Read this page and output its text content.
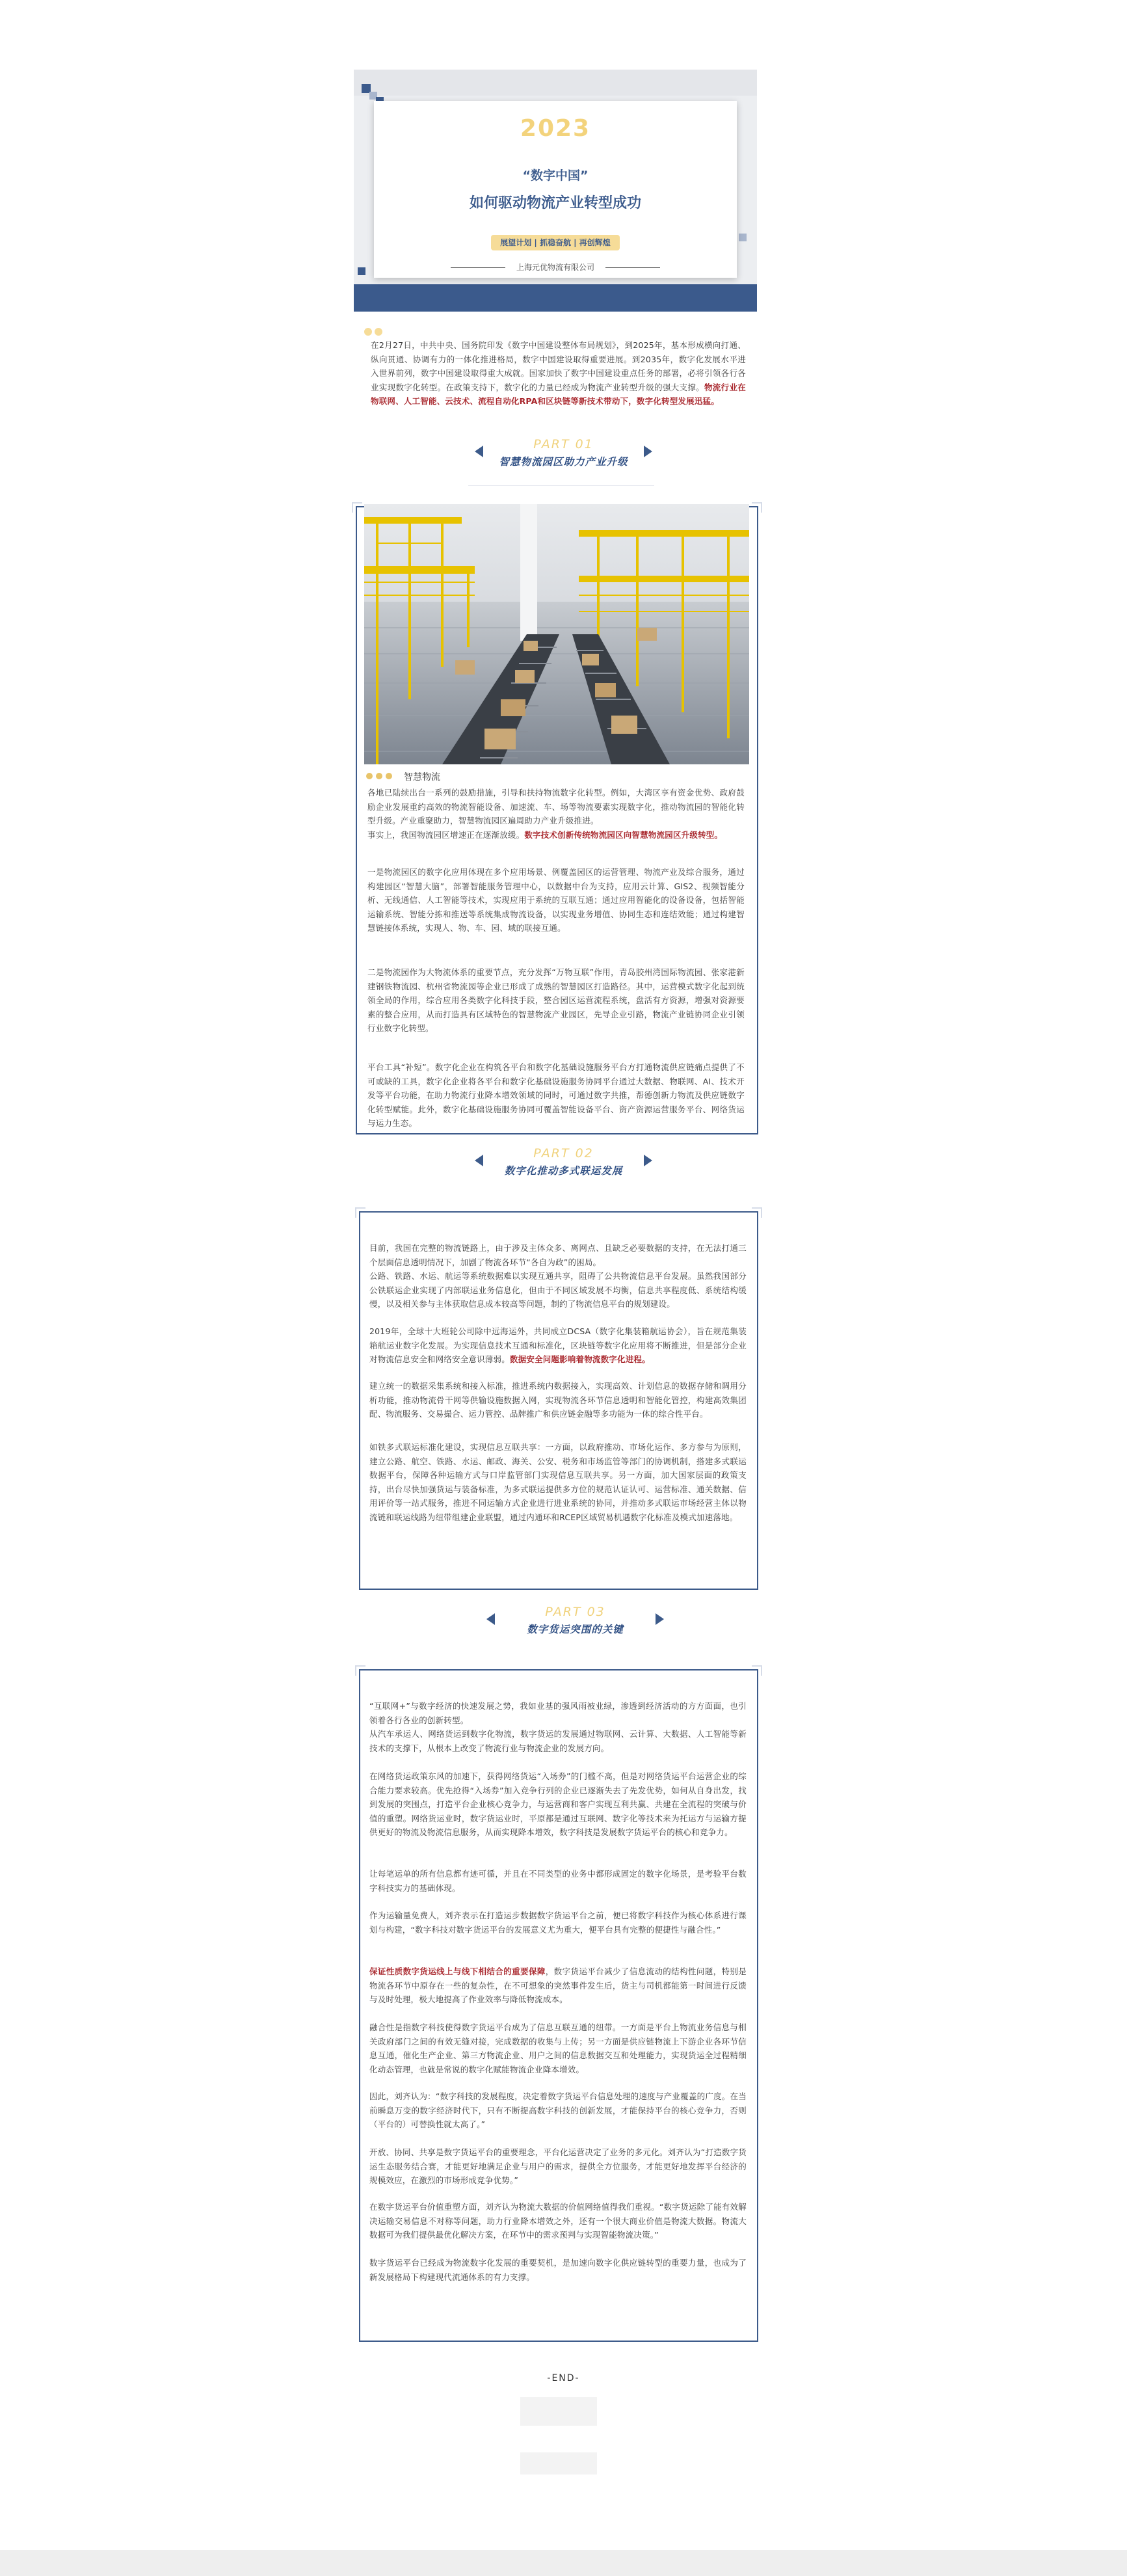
2023
“数字中国”
如何驱动物流产业转型成功
展望计划 | 抓稳奋航 | 再创辉煌
上海元优物流有限公司

在2月27日，中共中央、国务院印发《数字中国建设整体布局规划》，到2025年，基本形成横向打通、纵向贯通、协调有力的一体化推进格局，数字中国建设取得重要进展。到2035年，数字化发展水平进入世界前列，数字中国建设取得重大成就。国家加快了数字中国建设重点任务的部署，必将引领各行各业实现数字化转型。在政策支持下，数字化的力量已经成为物流产业转型升级的强大支撑。物流行业在物联网、人工智能、云技术、流程自动化RPA和区块链等新技术带动下，数字化转型发展迅猛。

PART 01
智慧物流园区助力产业升级
智慧物流

各地已陆续出台一系列的鼓励措施，引导和扶持物流数字化转型。例如，大湾区享有资金优势、政府鼓励企业发展重约高效的物流智能设备、加速流、车、场等物流要素实现数字化，推动物流园的智能化转型升级。产业重聚助力，智慧物流园区遍周助力产业升级推进。

事实上，我国物流园区增速正在逐渐放缓。数字技术创新传统物流园区向智慧物流园区升级转型。

一是物流园区的数字化应用体现在多个应用场景、例覆盖园区的运营管理、物流产业及综合服务，通过构建园区“智慧大脑”，部署智能服务管理中心，以数据中台为支持，应用云计算、GIS2、视频智能分析、无线通信、人工智能等技术，实现应用于系统的互联互通；通过应用智能化的设备设备，包括智能运输系统、智能分拣和推送等系统集成物流设备，以实现业务增值、协同生态和连结效能；通过构建智慧链接体系统，实现人、物、车、园、域的联接互通。

二是物流园作为大物流体系的重要节点，充分发挥“万物互联”作用，青岛胶州湾国际物流园、张家港新建钢铁物流园、杭州省物流园等企业已形成了成熟的智慧园区打造路径。其中，运营模式数字化起到统领全局的作用，综合应用各类数字化科技手段，整合园区运营流程系统，盘活有方资源，增强对资源要素的整合应用，从而打造具有区域特色的智慧物流产业园区，先导企业引路，物流产业链协同企业引领行业数字化转型。

平台工具“补短”。数字化企业在构筑各平台和数字化基础设施服务平台方打通物流供应链痛点提供了不可或缺的工具，数字化企业将各平台和数字化基础设施服务协同平台通过大数据、物联网、AI、技术开发等平台功能，在助力物流行业降本增效领域的同时，可通过数字共推，帮德创新力物流及供应链数字化转型赋能。此外，数字化基础设施服务协同可覆盖智能设备平台、资产资源运营服务平台、网络货运与运力生态。

PART 02
数字化推动多式联运发展

目前，我国在完整的物流链路上，由于涉及主体众多、离网点、且缺乏必要数据的支持，在无法打通三个层面信息透明情况下，加剧了物流各环节“各自为政”的困局。

公路、铁路、水运、航运等系统数据难以实现互通共享，阻碍了公共物流信息平台发展。虽然我国部分公铁联运企业实现了内部联运业务信息化，但由于不同区域发展不均衡，信息共享程度低、系统结构缓慢，以及相关参与主体获取信息成本较高等问题，制约了物流信息平台的规划建设。

2019年，全球十大班轮公司除中远海运外，共同成立DCSA（数字化集装箱航运协会），旨在规范集装箱航运业数字化发展。为实现信息技术互通和标准化，区块链等数字化应用将不断推进，但是部分企业对物流信息安全和网络安全意识薄弱。数据安全问题影响着物流数字化进程。

建立统一的数据采集系统和接入标准，推进系统内数据接入，实现高效、计划信息的数据存储和调用分析功能，推动物流骨干网等供输设施数据入网，实现物流各环节信息透明和智能化管控，构建高效集团配、物流服务、交易撮合、运力管控、品牌推广和供应链金融等多功能为一体的综合性平台。

如铁多式联运标准化建设，实现信息互联共享：一方面，以政府推动、市场化运作、多方参与为原则，建立公路、航空、铁路、水运、邮政、海关、公安、税务和市场监管等部门的协调机制，搭建多式联运数据平台，保障各种运输方式与口岸监管部门实现信息互联共享。另一方面，加大国家层面的政策支持，出台尽快加强货运与装备标准，为多式联运提供多方位的规范认证认可、运营标准、通关数据、信用评价等一站式服务，推进不同运输方式企业进行进业系统的协同，并推动多式联运市场经营主体以物流链和联运线路为纽带组建企业联盟，通过内通环和RCEP区域贸易机遇数字化标准及模式加速落地。

PART 03
数字货运突围的关键

“互联网+”与数字经济的快速发展之势，我如业基的强风雨被业绿，渗透到经济活动的方方面面，也引领着各行各业的创新转型。

从汽车承运人、网络货运到数字化物流，数字货运的发展通过物联网、云计算、大数据、人工智能等新技术的支撑下，从根本上改变了物流行业与物流企业的发展方向。

在网络货运政策东风的加速下，获得网络货运“入场券”的门槛不高，但是对网络货运平台运营企业的综合能力要求较高。优先抢得“入场券”加入竞争行列的企业已逐渐失去了先发优势，如何从自身出发，找到发展的突围点，打造平台企业核心竞争力，与运营商和客户实现互利共赢、共建在全流程的突破与价值的重塑。网络货运业时，数字货运业时，平原都是通过互联网、数字化等技术来为托运方与运输方提供更好的物流及物流信息服务，从而实现降本增效，数字科技是发展数字货运平台的核心和竞争力。

让每笔运单的所有信息都有迹可循，并且在不同类型的业务中都形成固定的数字化场景，是考验平台数字科技实力的基础体现。

作为运输量免费人，刘齐表示在打造运步数据数字货运平台之前，便已将数字科技作为核心体系进行课划与构建，“数字科技对数字货运平台的发展意义尤为重大，便平台具有完整的便捷性与融合性。”

保证性质数字货运线上与线下相结合的重要保障，数字货运平台减少了信息流动的结构性问题，特别是物流各环节中原存在一些的复杂性，在不可想象的突然事件发生后，货主与司机都能第一时间进行反馈与及时处理，极大地提高了作业效率与降低物流成本。

融合性是指数字科技使得数字货运平台成为了信息互联互通的纽带。一方面是平台上物流业务信息与相关政府部门之间的有效无缝对接，完成数据的收集与上传；另一方面是供应链物流上下游企业各环节信息互通，催化生产企业、第三方物流企业、用户之间的信息数据交互和处理能力，实现货运全过程精细化动态管理，也就是常说的数字化赋能物流企业降本增效。

因此，刘齐认为：“数字科技的发展程度，决定着数字货运平台信息处理的速度与产业覆盖的广度。在当前瞬息万变的数字经济时代下，只有不断提高数字科技的创新发展，才能保持平台的核心竞争力，否则（平台的）可替换性就太高了。”

开放、协同、共享是数字货运平台的重要理念，平台化运营决定了业务的多元化。刘齐认为“打造数字货运生态服务结合赛，才能更好地满足企业与用户的需求，提供全方位服务，才能更好地发挥平台经济的规模效应，在激烈的市场形成竞争优势。”

在数字货运平台价值重塑方面，刘齐认为物流大数据的价值网络值得我们重视。“数字货运除了能有效解决运输交易信息不对称等问题，助力行业降本增效之外，还有一个很大商业价值是物流大数据。物流大数据可为我们提供最优化解决方案，在环节中的需求预判与实现智能物流决策。”

数字货运平台已经成为物流数字化发展的重要契机，是加速向数字化供应链转型的重要力量，也成为了新发展格局下构建现代流通体系的有力支撑。

-END-
